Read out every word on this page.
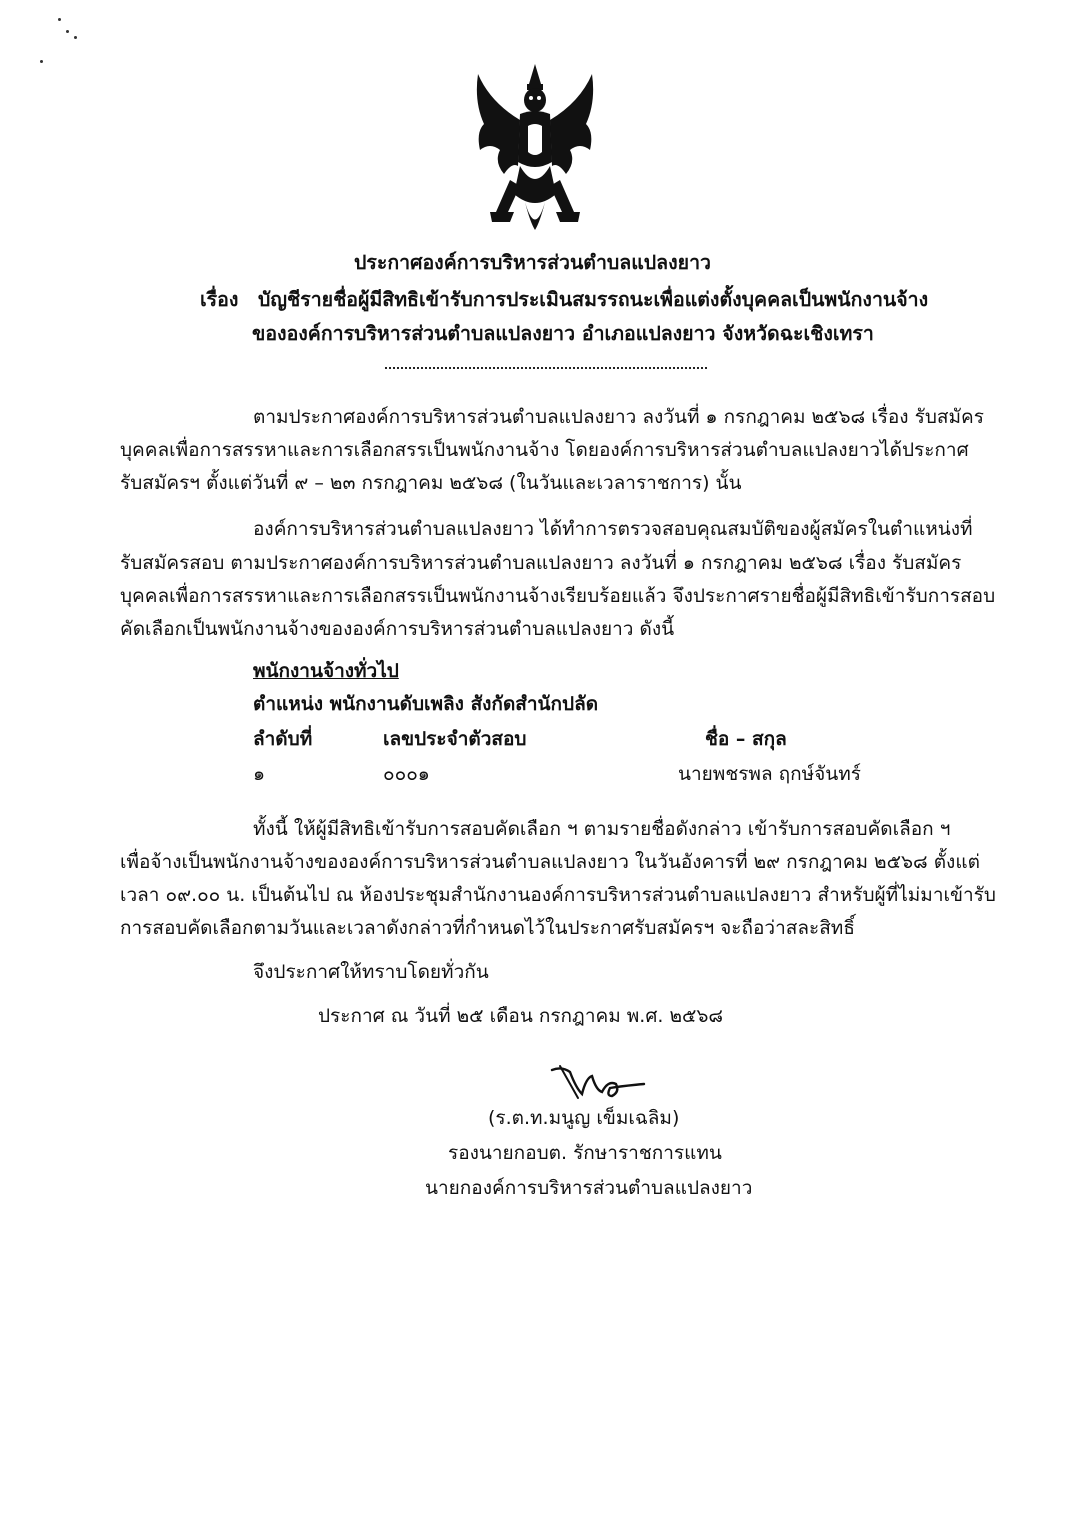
ประกาศองค์การบริหารส่วนตำบลแปลงยาว
เรื่อง บัญชีรายชื่อผู้มีสิทธิเข้ารับการประเมินสมรรถนะเพื่อแต่งตั้งบุคคลเป็นพนักงานจ้าง
ขององค์การบริหารส่วนตำบลแปลงยาว อำเภอแปลงยาว จังหวัดฉะเชิงเทรา
ตามประกาศองค์การบริหารส่วนตำบลแปลงยาว ลงวันที่ ๑ กรกฎาคม ๒๕๖๘ เรื่อง รับสมัคร
บุคคลเพื่อการสรรหาและการเลือกสรรเป็นพนักงานจ้าง โดยองค์การบริหารส่วนตำบลแปลงยาวได้ประกาศ
รับสมัครฯ ตั้งแต่วันที่ ๙ – ๒๓ กรกฎาคม ๒๕๖๘ (ในวันและเวลาราชการ) นั้น
องค์การบริหารส่วนตำบลแปลงยาว ได้ทำการตรวจสอบคุณสมบัติของผู้สมัครในตำแหน่งที่
รับสมัครสอบ ตามประกาศองค์การบริหารส่วนตำบลแปลงยาว ลงวันที่ ๑ กรกฎาคม ๒๕๖๘ เรื่อง รับสมัคร
บุคคลเพื่อการสรรหาและการเลือกสรรเป็นพนักงานจ้างเรียบร้อยแล้ว จึงประกาศรายชื่อผู้มีสิทธิเข้ารับการสอบ
คัดเลือกเป็นพนักงานจ้างขององค์การบริหารส่วนตำบลแปลงยาว ดังนี้
พนักงานจ้างทั่วไป
ตำแหน่ง พนักงานดับเพลิง สังกัดสำนักปลัด
ลำดับที่	เลขประจำตัวสอบ	ชื่อ – สกุล
๑	๐๐๐๑	นายพชรพล ฤกษ์จันทร์
ทั้งนี้ ให้ผู้มีสิทธิเข้ารับการสอบคัดเลือก ฯ ตามรายชื่อดังกล่าว เข้ารับการสอบคัดเลือก ฯ
เพื่อจ้างเป็นพนักงานจ้างขององค์การบริหารส่วนตำบลแปลงยาว ในวันอังคารที่ ๒๙ กรกฎาคม ๒๕๖๘ ตั้งแต่
เวลา ๐๙.๐๐ น. เป็นต้นไป ณ ห้องประชุมสำนักงานองค์การบริหารส่วนตำบลแปลงยาว สำหรับผู้ที่ไม่มาเข้ารับ
การสอบคัดเลือกตามวันและเวลาดังกล่าวที่กำหนดไว้ในประกาศรับสมัครฯ จะถือว่าสละสิทธิ์
จึงประกาศให้ทราบโดยทั่วกัน
ประกาศ ณ วันที่ ๒๕ เดือน กรกฎาคม พ.ศ. ๒๕๖๘
(ร.ต.ท.มนูญ เข็มเฉลิม)
รองนายกอบต. รักษาราชการแทน
นายกองค์การบริหารส่วนตำบลแปลงยาว
